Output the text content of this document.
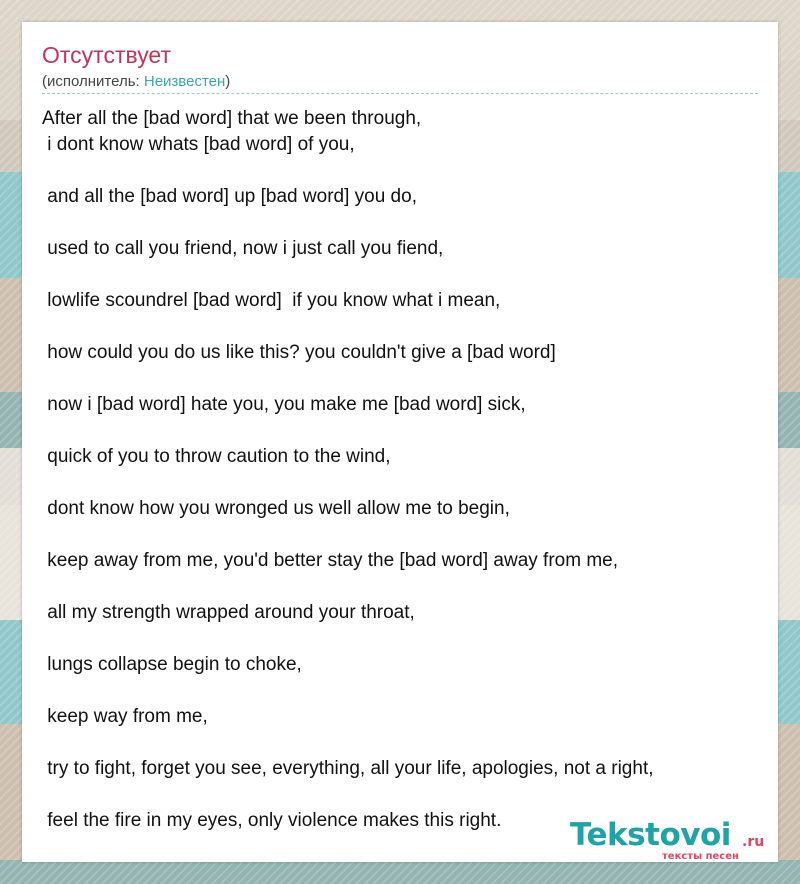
Отсутствует
(исполнитель: Неизвестен)
After all the [bad word] that we been through,
i dont know whats [bad word] of you,
and all the [bad word] up [bad word] you do,
used to call you friend, now i just call you fiend,
lowlife scoundrel [bad word]  if you know what i mean,
how could you do us like this? you couldn't give a [bad word]
now i [bad word] hate you, you make me [bad word] sick,
quick of you to throw caution to the wind,
dont know how you wronged us well allow me to begin,
keep away from me, you'd better stay the [bad word] away from me,
all my strength wrapped around your throat,
lungs collapse begin to choke,
keep way from me,
try to fight, forget you see, everything, all your life, apologies, not a right,
feel the fire in my eyes, only violence makes this right.	Tekstovoi .ru
тексты песен
